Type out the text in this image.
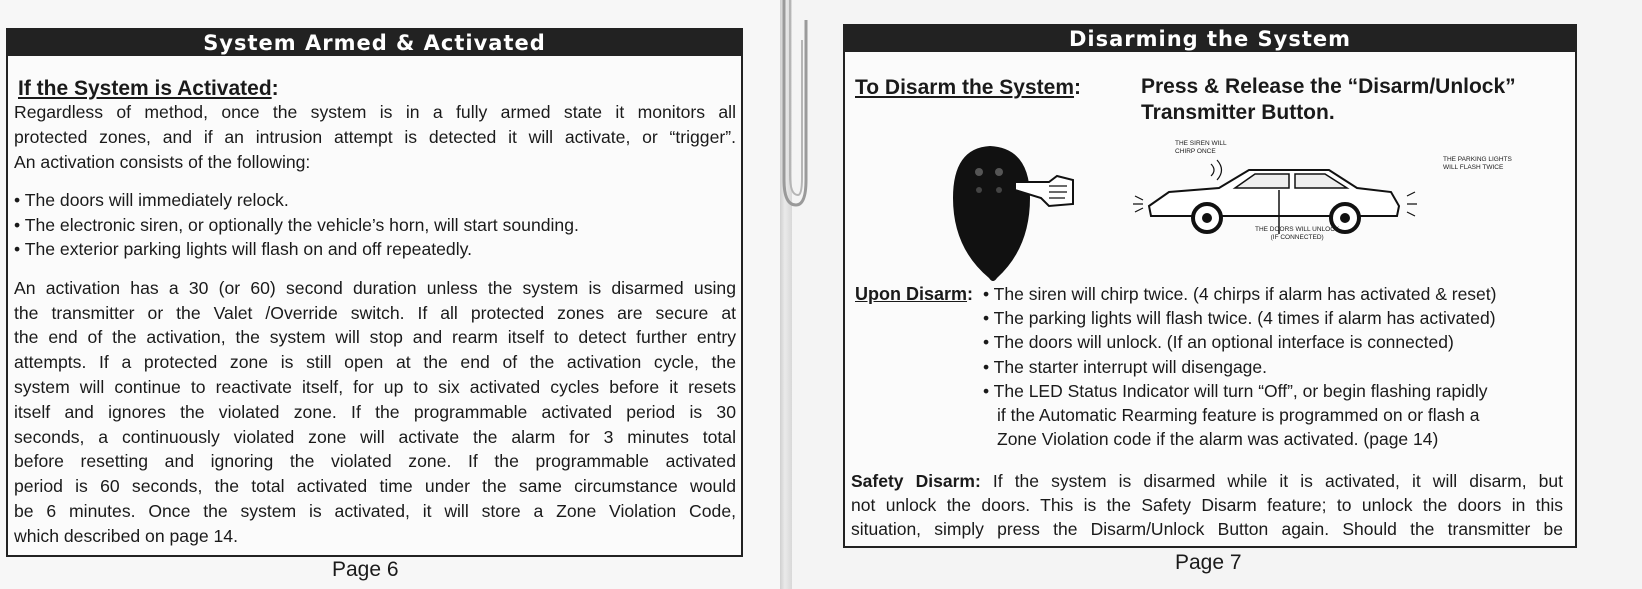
System Armed & Activated
If the System is Activated:
Regardless of method, once the system is in a fully armed state it monitors all
protected zones, and if an intrusion attempt is detected it will activate, or “trigger”.
An activation consists of the following:
• The doors will immediately relock.
• The electronic siren, or optionally the vehicle’s horn, will start sounding.
• The exterior parking lights will flash on and off repeatedly.
An activation has a 30 (or 60) second duration unless the system is disarmed using
the transmitter or the Valet /Override switch. If all protected zones are secure at
the end of the activation, the system will stop and rearm itself to detect further entry
attempts. If a protected zone is still open at the end of the activation cycle, the
system will continue to reactivate itself, for up to six activated cycles before it resets
itself and ignores the violated zone. If the programmable activated period is 30
seconds, a continuously violated zone will activate the alarm for 3 minutes total
before resetting and ignoring the violated zone. If the programmable activated
period is 60 seconds, the total activated time under the same circumstance would
be 6 minutes. Once the system is activated, it will store a Zone Violation Code,
which described on page 14.
Page 6
Disarming the System
To Disarm the System:	Press & Release the “Disarm/Unlock”
Transmitter Button.
THE SIREN WILL
CHIRP ONCE
THE PARKING LIGHTS
WILL FLASH TWICE
THE DOORS WILL UNLOCK
(IF CONNECTED)
Upon Disarm: • The siren will chirp twice. (4 chirps if alarm has activated & reset)
• The parking lights will flash twice. (4 times if alarm has activated)
• The doors will unlock. (If an optional interface is connected)
• The starter interrupt will disengage.
• The LED Status Indicator will turn “Off”, or begin flashing rapidly
if the Automatic Rearming feature is programmed on or flash a
Zone Violation code if the alarm was activated. (page 14)
Safety Disarm: If the system is disarmed while it is activated, it will disarm, but
not unlock the doors. This is the Safety Disarm feature; to unlock the doors in this
situation, simply press the Disarm/Unlock Button again. Should the transmitter be
Page 7
